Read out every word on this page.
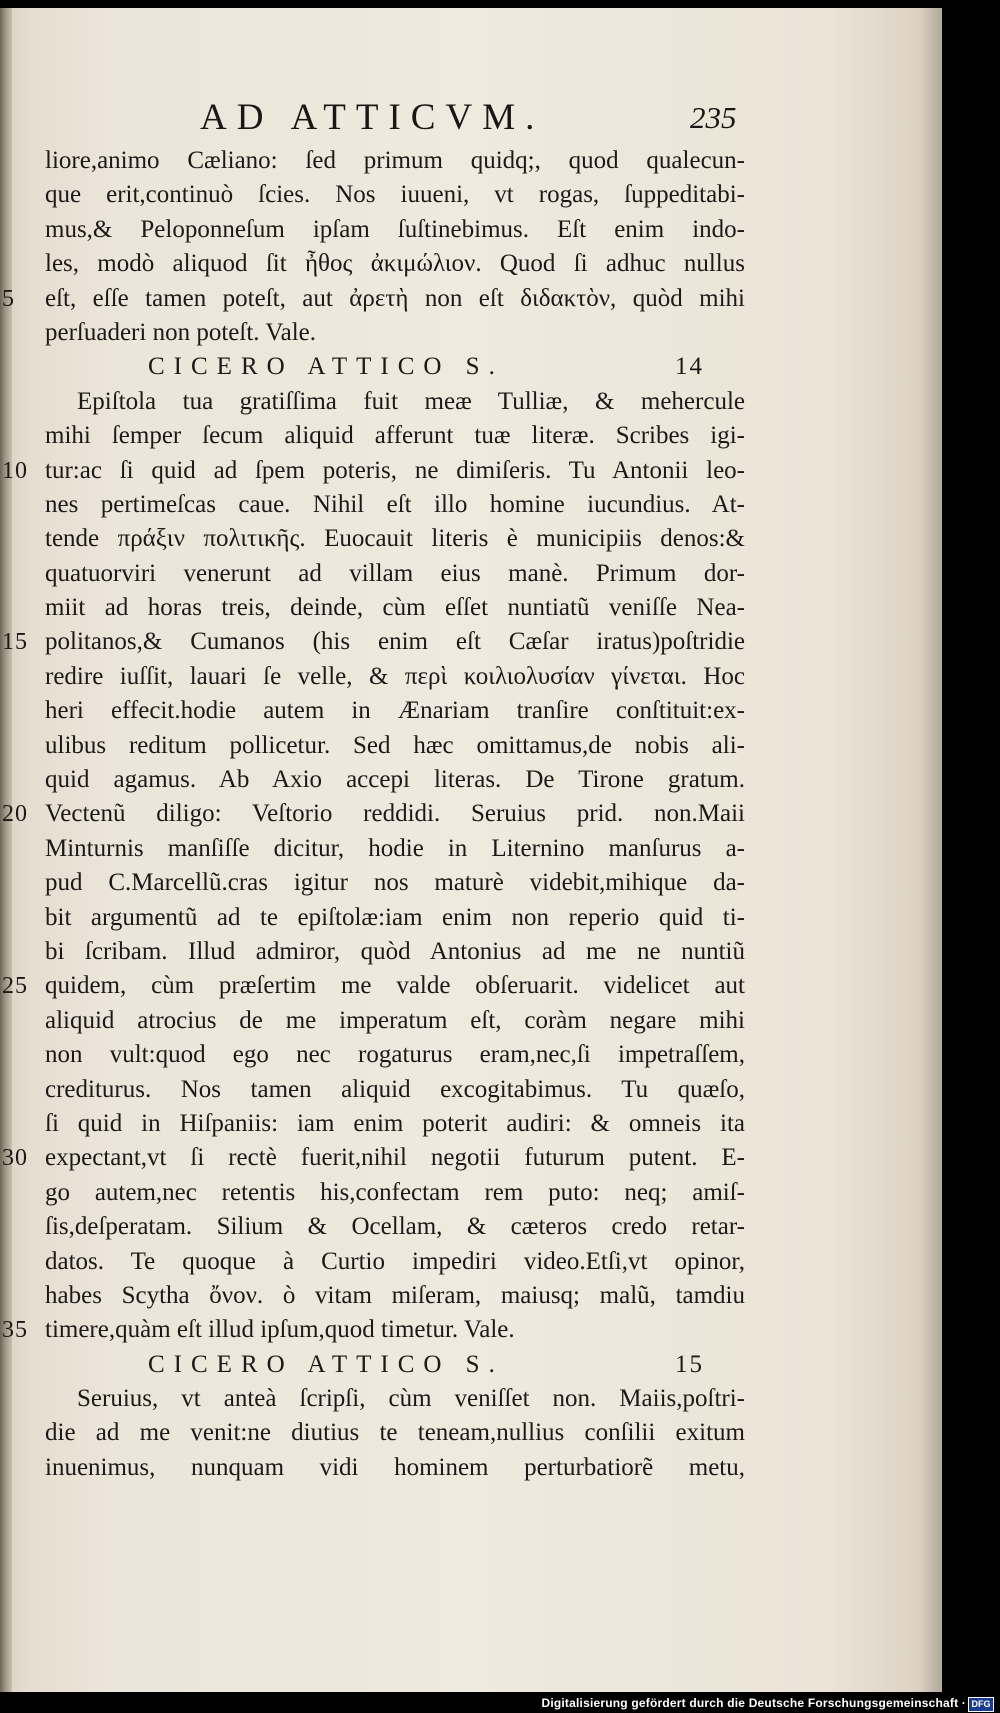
AD ATTICVM.	235
liore,animo Cæliano: ſed primum quidq;, quod qualecun-
que erit,continuò ſcies. Nos iuueni, vt rogas, ſuppeditabi-
mus,& Peloponneſum ipſam ſuſtinebimus. Eſt enim indo-
les, modò aliquod ſit ἦθος ἀκιμώλιον. Quod ſi adhuc nullus
eſt, eſſe tamen poteſt, aut ἀρετὴ non eſt διδακτὸν, quòd mihi
5
perſuaderi non poteſt. Vale.
CICERO ATTICO S.	14
Epiſtola tua gratiſſima fuit meæ Tulliæ, & mehercule
mihi ſemper ſecum aliquid afferunt tuæ literæ. Scribes igi-
tur:ac ſi quid ad ſpem poteris, ne dimiſeris. Tu Antonii leo-
10
nes pertimeſcas caue. Nihil eſt illo homine iucundius. At-
tende πράξιν πολιτικῆς. Euocauit literis è municipiis denos:&
quatuorviri venerunt ad villam eius manè. Primum dor-
miit ad horas treis, deinde, cùm eſſet nuntiatũ veniſſe Nea-
politanos,& Cumanos (his enim eſt Cæſar iratus)poſtridie
15
redire iuſſit, lauari ſe velle, & περὶ κοιλιολυσίαν γίνεται. Hoc
heri effecit.hodie autem in Ænariam tranſire conſtituit:ex-
ulibus reditum pollicetur. Sed hæc omittamus,de nobis ali-
quid agamus. Ab Axio accepi literas. De Tirone gratum.
Vectenũ diligo: Veſtorio reddidi. Seruius prid. non.Maii
20
Minturnis manſiſſe dicitur, hodie in Liternino manſurus a-
pud C.Marcellũ.cras igitur nos maturè videbit,mihique da-
bit argumentũ ad te epiſtolæ:iam enim non reperio quid ti-
bi ſcribam. Illud admiror, quòd Antonius ad me ne nuntiũ
quidem, cùm præſertim me valde obſeruarit. videlicet aut
25
aliquid atrocius de me imperatum eſt, coràm negare mihi
non vult:quod ego nec rogaturus eram,nec,ſi impetraſſem,
crediturus. Nos tamen aliquid excogitabimus. Tu quæſo,
ſi quid in Hiſpaniis: iam enim poterit audiri: & omneis ita
expectant,vt ſi rectè fuerit,nihil negotii futurum putent. E-
30
go autem,nec retentis his,confectam rem puto: neq; amiſ-
ſis,deſperatam. Silium & Ocellam, & cæteros credo retar-
datos. Te quoque à Curtio impediri video.Etſi,vt opinor,
habes Scytha ὄνον. ò vitam miſeram, maiusq; malũ, tamdiu
timere,quàm eſt illud ipſum,quod timetur. Vale.
35
CICERO ATTICO S.	15
Seruius, vt anteà ſcripſi, cùm veniſſet non. Maiis,poſtri-
die ad me venit:ne diutius te teneam,nullius conſilii exitum
inuenimus, nunquam vidi hominem perturbatiorẽ metu,
Digitalisierung gefördert durch die Deutsche Forschungsgemeinschaft · DFG
